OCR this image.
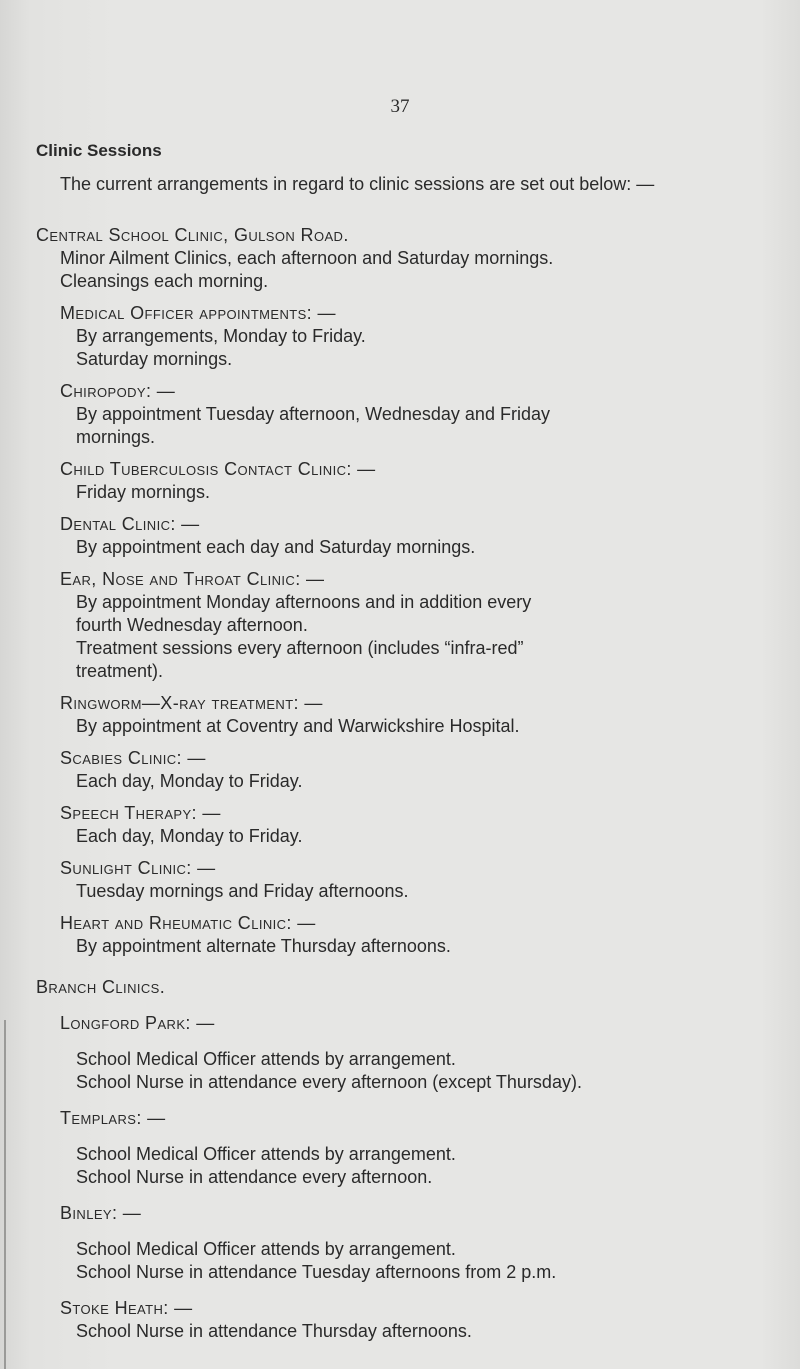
37
Clinic Sessions
The current arrangements in regard to clinic sessions are set out below: —
Central School Clinic, Gulson Road.
Minor Ailment Clinics, each afternoon and Saturday mornings.
Cleansings each morning.
Medical Officer appointments: —
By arrangements, Monday to Friday.
Saturday mornings.
Chiropody: —
By appointment Tuesday afternoon, Wednesday and Friday
mornings.
Child Tuberculosis Contact Clinic: —
Friday mornings.
Dental Clinic: —
By appointment each day and Saturday mornings.
Ear, Nose and Throat Clinic: —
By appointment Monday afternoons and in addition every
fourth Wednesday afternoon.
Treatment sessions every afternoon (includes “infra-red”
treatment).
Ringworm—X-ray treatment: —
By appointment at Coventry and Warwickshire Hospital.
Scabies Clinic: —
Each day, Monday to Friday.
Speech Therapy: —
Each day, Monday to Friday.
Sunlight Clinic: —
Tuesday mornings and Friday afternoons.
Heart and Rheumatic Clinic: —
By appointment alternate Thursday afternoons.
Branch Clinics.
Longford Park: —
School Medical Officer attends by arrangement.
School Nurse in attendance every afternoon (except Thursday).
Templars: —
School Medical Officer attends by arrangement.
School Nurse in attendance every afternoon.
Binley: —
School Medical Officer attends by arrangement.
School Nurse in attendance Tuesday afternoons from 2 p.m.
Stoke Heath: —
School Nurse in attendance Thursday afternoons.
